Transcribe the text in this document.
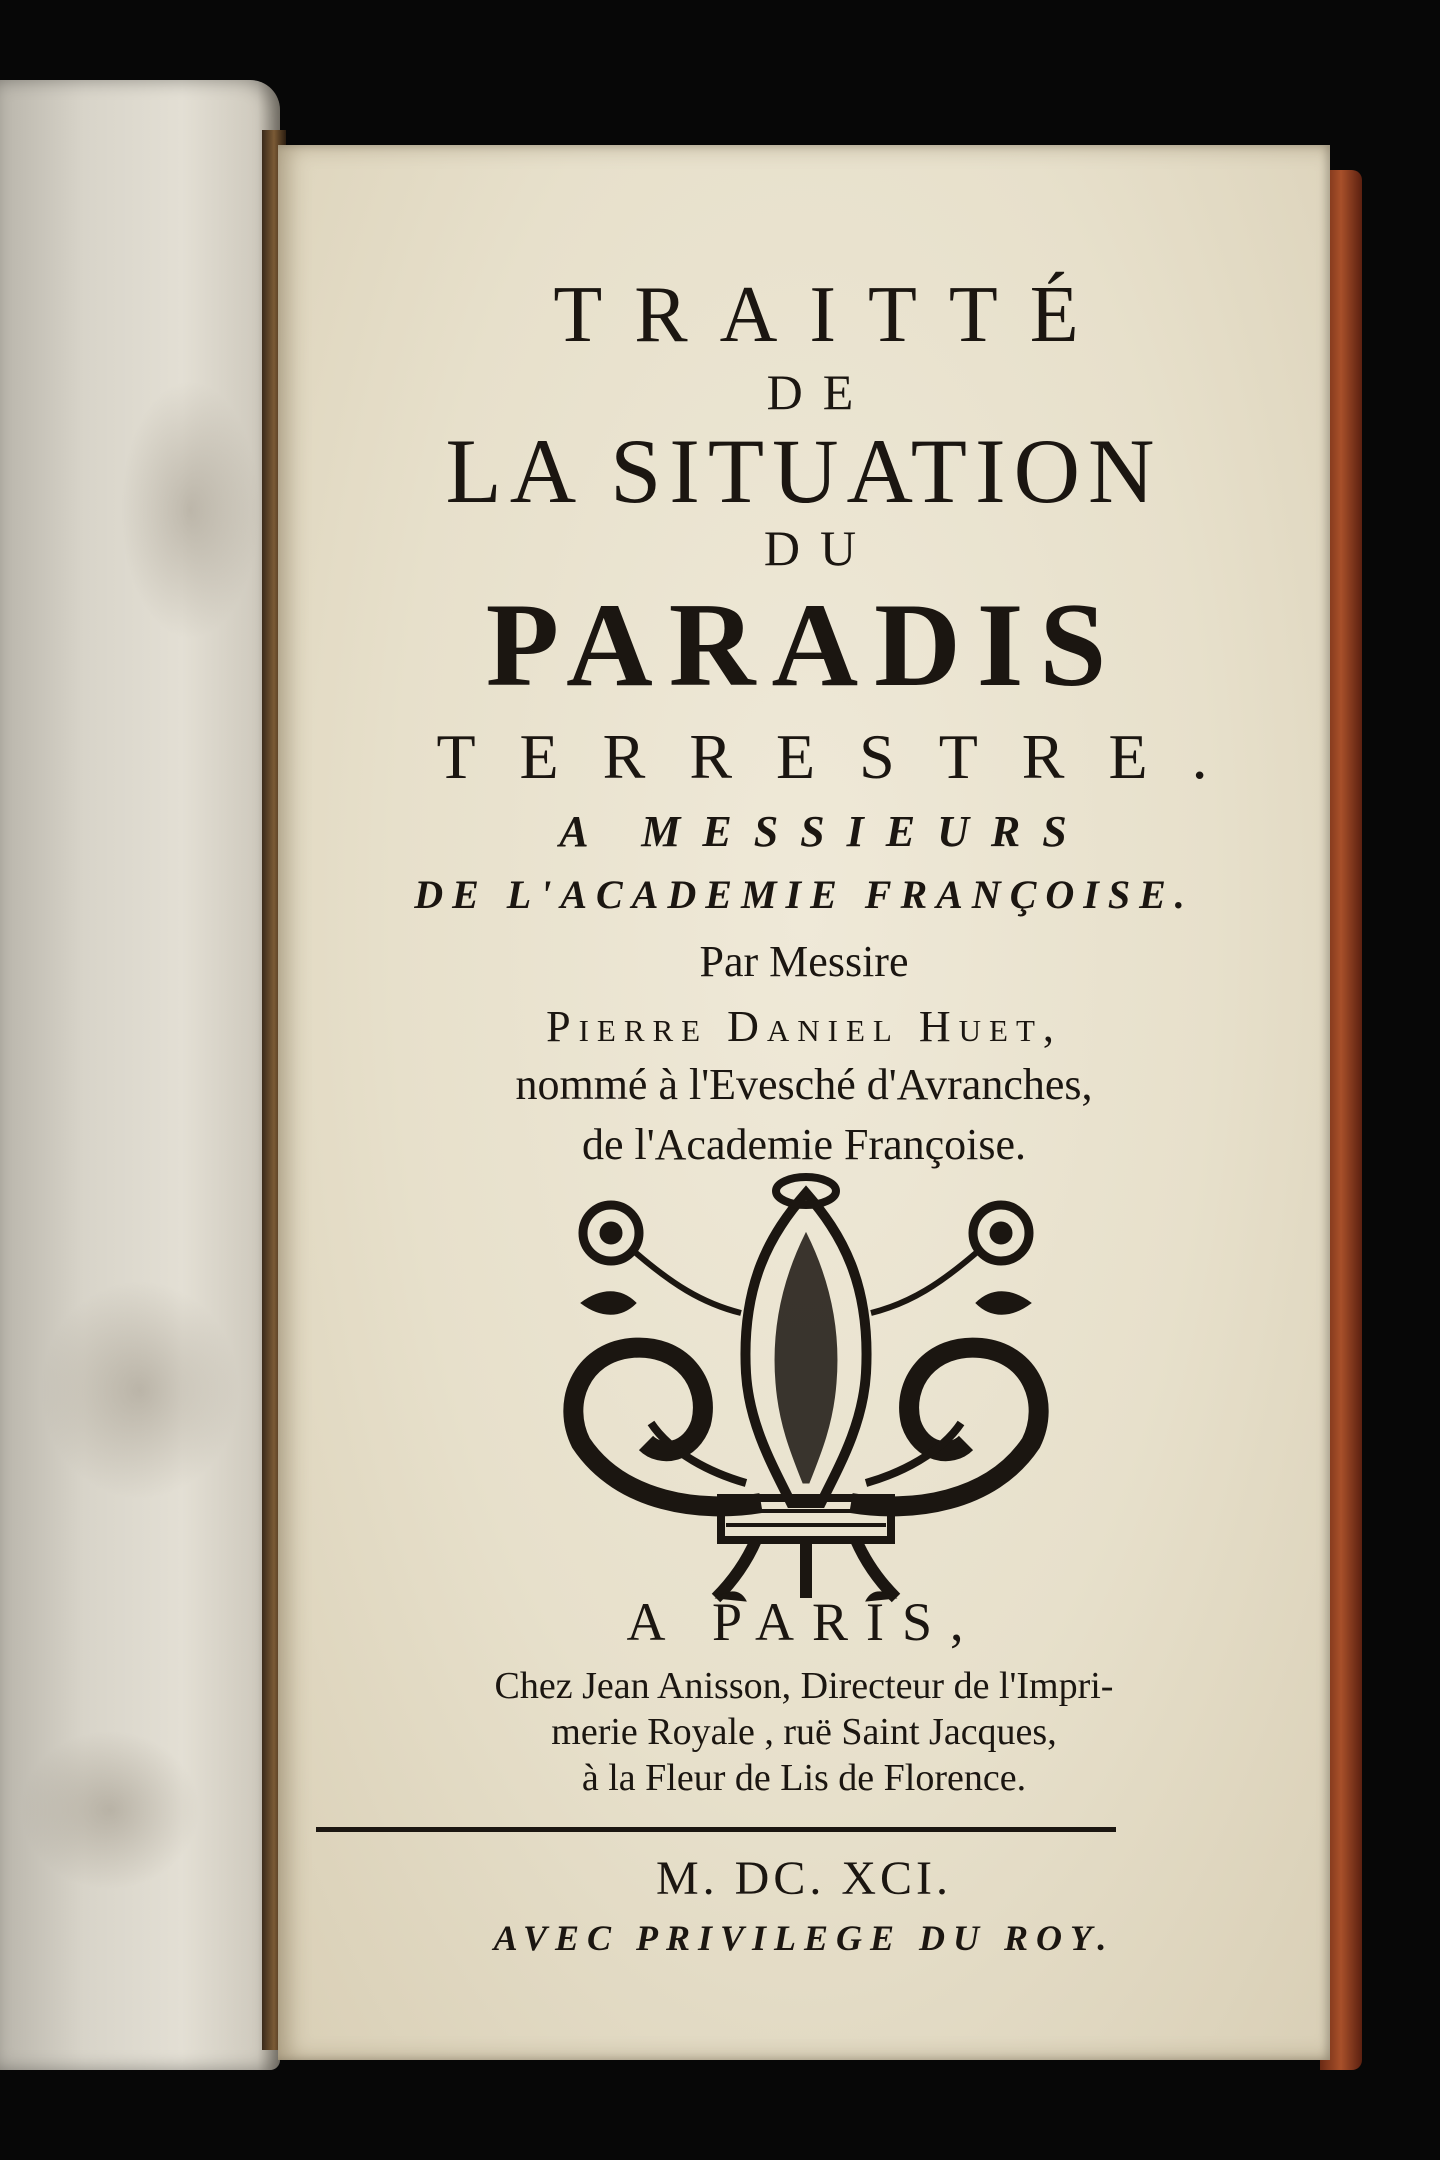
TRAITTÉ
DE
LA SITUATION
DU
PARADIS
TERRESTRE.
A MESSIEURS
DE L'ACADEMIE FRANÇOISE.
Par Messire
Pierre Daniel Huet,
nommé à l'Evesché d'Avranches,
de l'Academie Françoise.
A PARIS,
Chez Jean Anisson, Directeur de l'Impri-
merie Royale , ruë Saint Jacques,
à la Fleur de Lis de Florence.
M. DC. XCI.
AVEC PRIVILEGE DU ROY.
